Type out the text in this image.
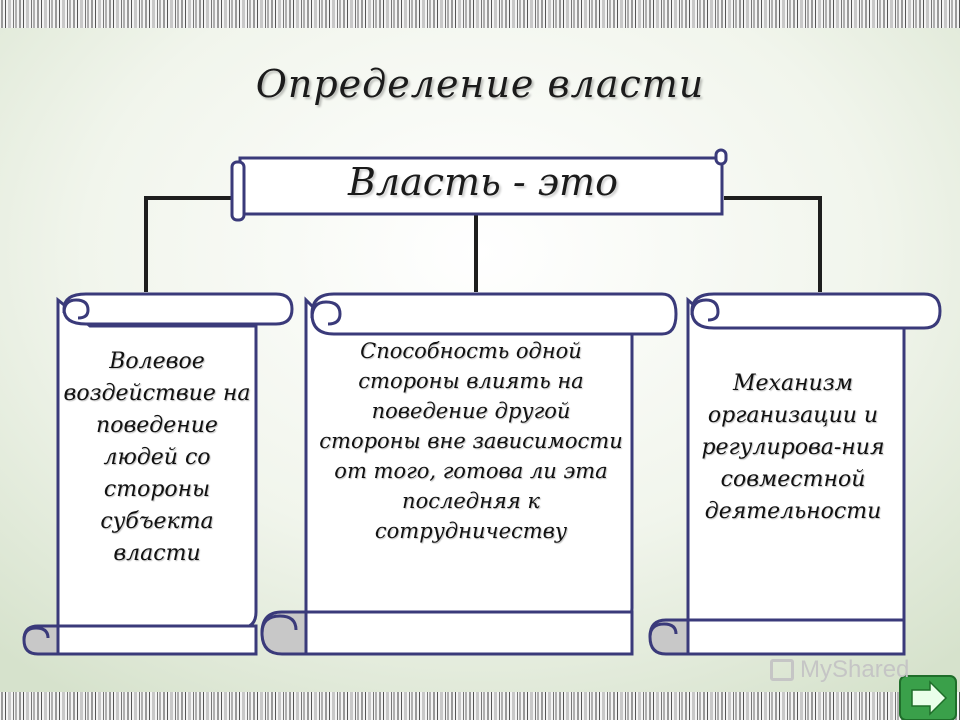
Определение власти
Власть - это
Волевое воздействие на поведение людей со стороны субъекта власти
Способность одной стороны влиять на поведение другой стороны вне зависимости от того, готова ли эта последняя к сотрудничеству
Механизм организации и регулирова-ния совместной деятельности
MyShared
